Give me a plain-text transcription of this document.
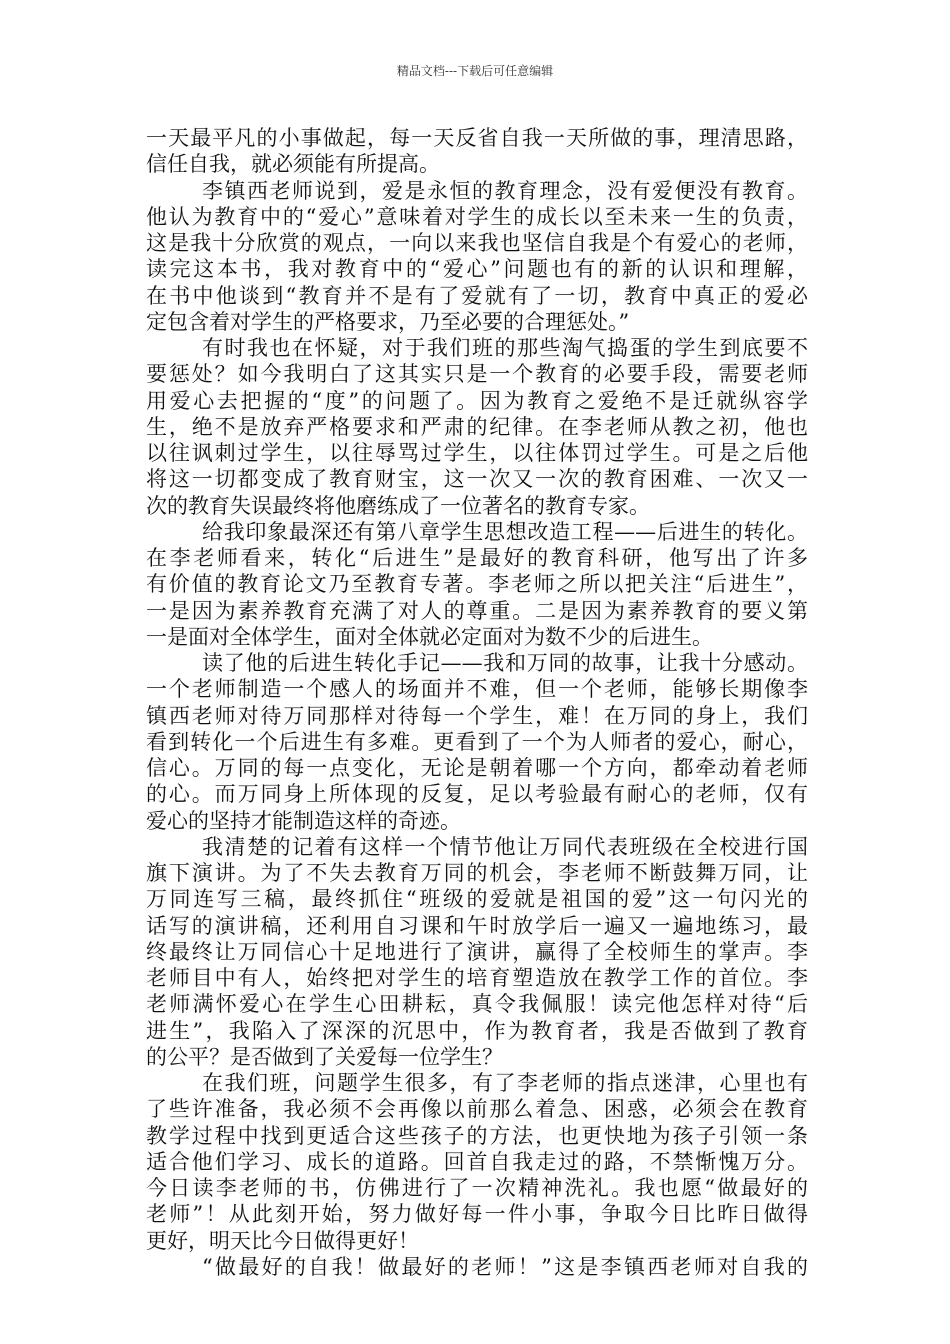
精品文档---下载后可任意编辑
一天最平凡的小事做起，每一天反省自我一天所做的事，理清思路，
信任自我，就必须能有所提高。
李镇西老师说到，爱是永恒的教育理念，没有爱便没有教育。
他认为教育中的“爱心”意味着对学生的成长以至未来一生的负责，
这是我十分欣赏的观点，一向以来我也坚信自我是个有爱心的老师，
读完这本书，我对教育中的“爱心”问题也有的新的认识和理解，
在书中他谈到“教育并不是有了爱就有了一切，教育中真正的爱必
定包含着对学生的严格要求，乃至必要的合理惩处。”
有时我也在怀疑，对于我们班的那些淘气捣蛋的学生到底要不
要惩处？如今我明白了这其实只是一个教育的必要手段，需要老师
用爱心去把握的“度”的问题了。因为教育之爱绝不是迁就纵容学
生，绝不是放弃严格要求和严肃的纪律。在李老师从教之初，他也
以往讽刺过学生，以往辱骂过学生，以往体罚过学生。可是之后他
将这一切都变成了教育财宝，这一次又一次的教育困难、一次又一
次的教育失误最终将他磨练成了一位著名的教育专家。
给我印象最深还有第八章学生思想改造工程——后进生的转化。
在李老师看来，转化“后进生”是最好的教育科研，他写出了许多
有价值的教育论文乃至教育专著。李老师之所以把关注“后进生”，
一是因为素养教育充满了对人的尊重。二是因为素养教育的要义第
一是面对全体学生，面对全体就必定面对为数不少的后进生。
读了他的后进生转化手记——我和万同的故事，让我十分感动。
一个老师制造一个感人的场面并不难，但一个老师，能够长期像李
镇西老师对待万同那样对待每一个学生，难！在万同的身上，我们
看到转化一个后进生有多难。更看到了一个为人师者的爱心，耐心，
信心。万同的每一点变化，无论是朝着哪一个方向，都牵动着老师
的心。而万同身上所体现的反复，足以考验最有耐心的老师，仅有
爱心的坚持才能制造这样的奇迹。
我清楚的记着有这样一个情节他让万同代表班级在全校进行国
旗下演讲。为了不失去教育万同的机会，李老师不断鼓舞万同，让
万同连写三稿，最终抓住“班级的爱就是祖国的爱”这一句闪光的
话写的演讲稿，还利用自习课和午时放学后一遍又一遍地练习，最
终最终让万同信心十足地进行了演讲，赢得了全校师生的掌声。李
老师目中有人，始终把对学生的培育塑造放在教学工作的首位。李
老师满怀爱心在学生心田耕耘，真令我佩服！读完他怎样对待“后
进生”，我陷入了深深的沉思中，作为教育者，我是否做到了教育
的公平？是否做到了关爱每一位学生？
在我们班，问题学生很多，有了李老师的指点迷津，心里也有
了些许准备，我必须不会再像以前那么着急、困惑，必须会在教育
教学过程中找到更适合这些孩子的方法，也更快地为孩子引领一条
适合他们学习、成长的道路。回首自我走过的路，不禁惭愧万分。
今日读李老师的书，仿佛进行了一次精神洗礼。我也愿“做最好的
老师”！从此刻开始，努力做好每一件小事，争取今日比昨日做得
更好，明天比今日做得更好！
“做最好的自我！做最好的老师！”这是李镇西老师对自我的
